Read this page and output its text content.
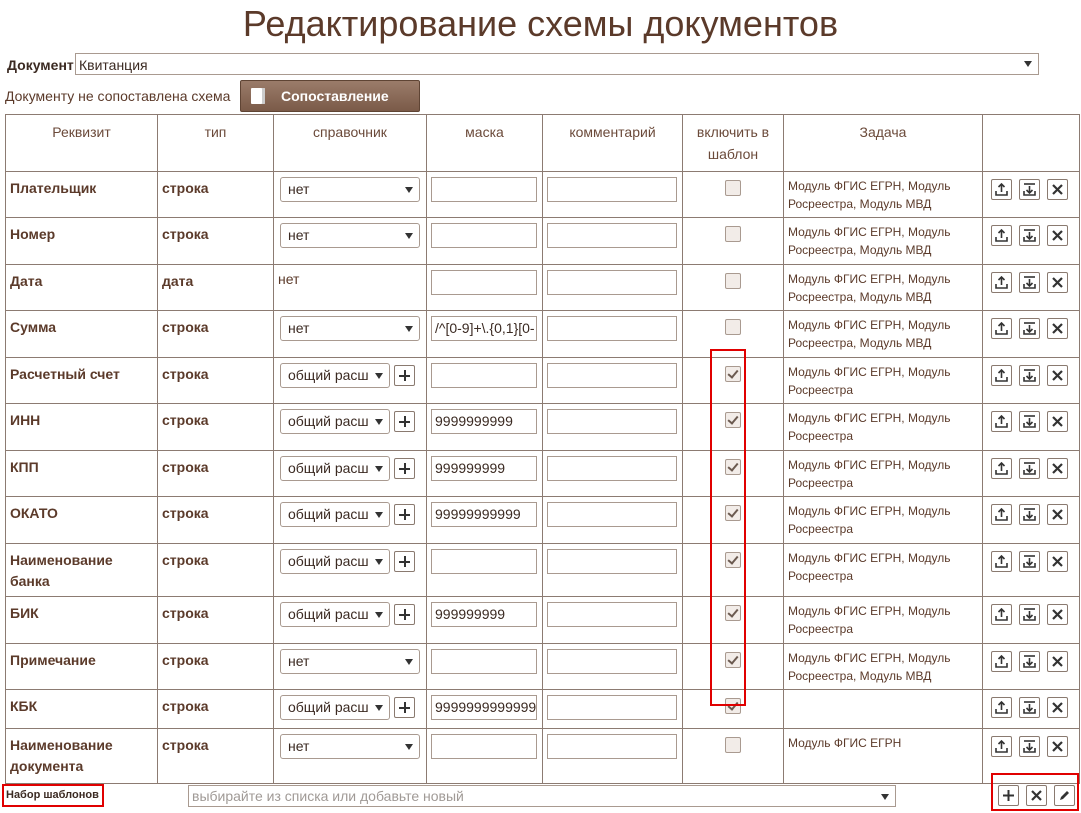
Редактирование схемы документов
Документ Квитанция
Документу не сопоставлена схема	Сопоставление
Реквизит	тип	справочник	маска	комментарий	включить в шаблон	Задача	

Плательщик	строка	нет				Модуль ФГИС ЕГРН, Модуль Росреестра, Модуль МВД

Номер	строка	нет				Модуль ФГИС ЕГРН, Модуль Росреестра, Модуль МВД

Дата	дата	нет				Модуль ФГИС ЕГРН, Модуль Росреестра, Модуль МВД

Сумма	строка	нет	/^[0-9]+\.{0,1}[0-			Модуль ФГИС ЕГРН, Модуль Росреестра, Модуль МВД

Расчетный счет	строка	общий расш				Модуль ФГИС ЕГРН, Модуль Росреестра

ИНН	строка	общий расш	9999999999			Модуль ФГИС ЕГРН, Модуль Росреестра

КПП	строка	общий расш	999999999			Модуль ФГИС ЕГРН, Модуль Росреестра

ОКАТО	строка	общий расш	99999999999			Модуль ФГИС ЕГРН, Модуль Росреестра

Наименование банка	строка	общий расш				Модуль ФГИС ЕГРН, Модуль Росреестра

БИК	строка	общий расш	999999999			Модуль ФГИС ЕГРН, Модуль Росреестра

Примечание	строка	нет				Модуль ФГИС ЕГРН, Модуль Росреестра, Модуль МВД

КБК	строка	общий расш	9999999999999

Наименование документа	строка	нет				Модуль ФГИС ЕГРН

Набор шаблонов	выбирайте из списка или добавьте новый
